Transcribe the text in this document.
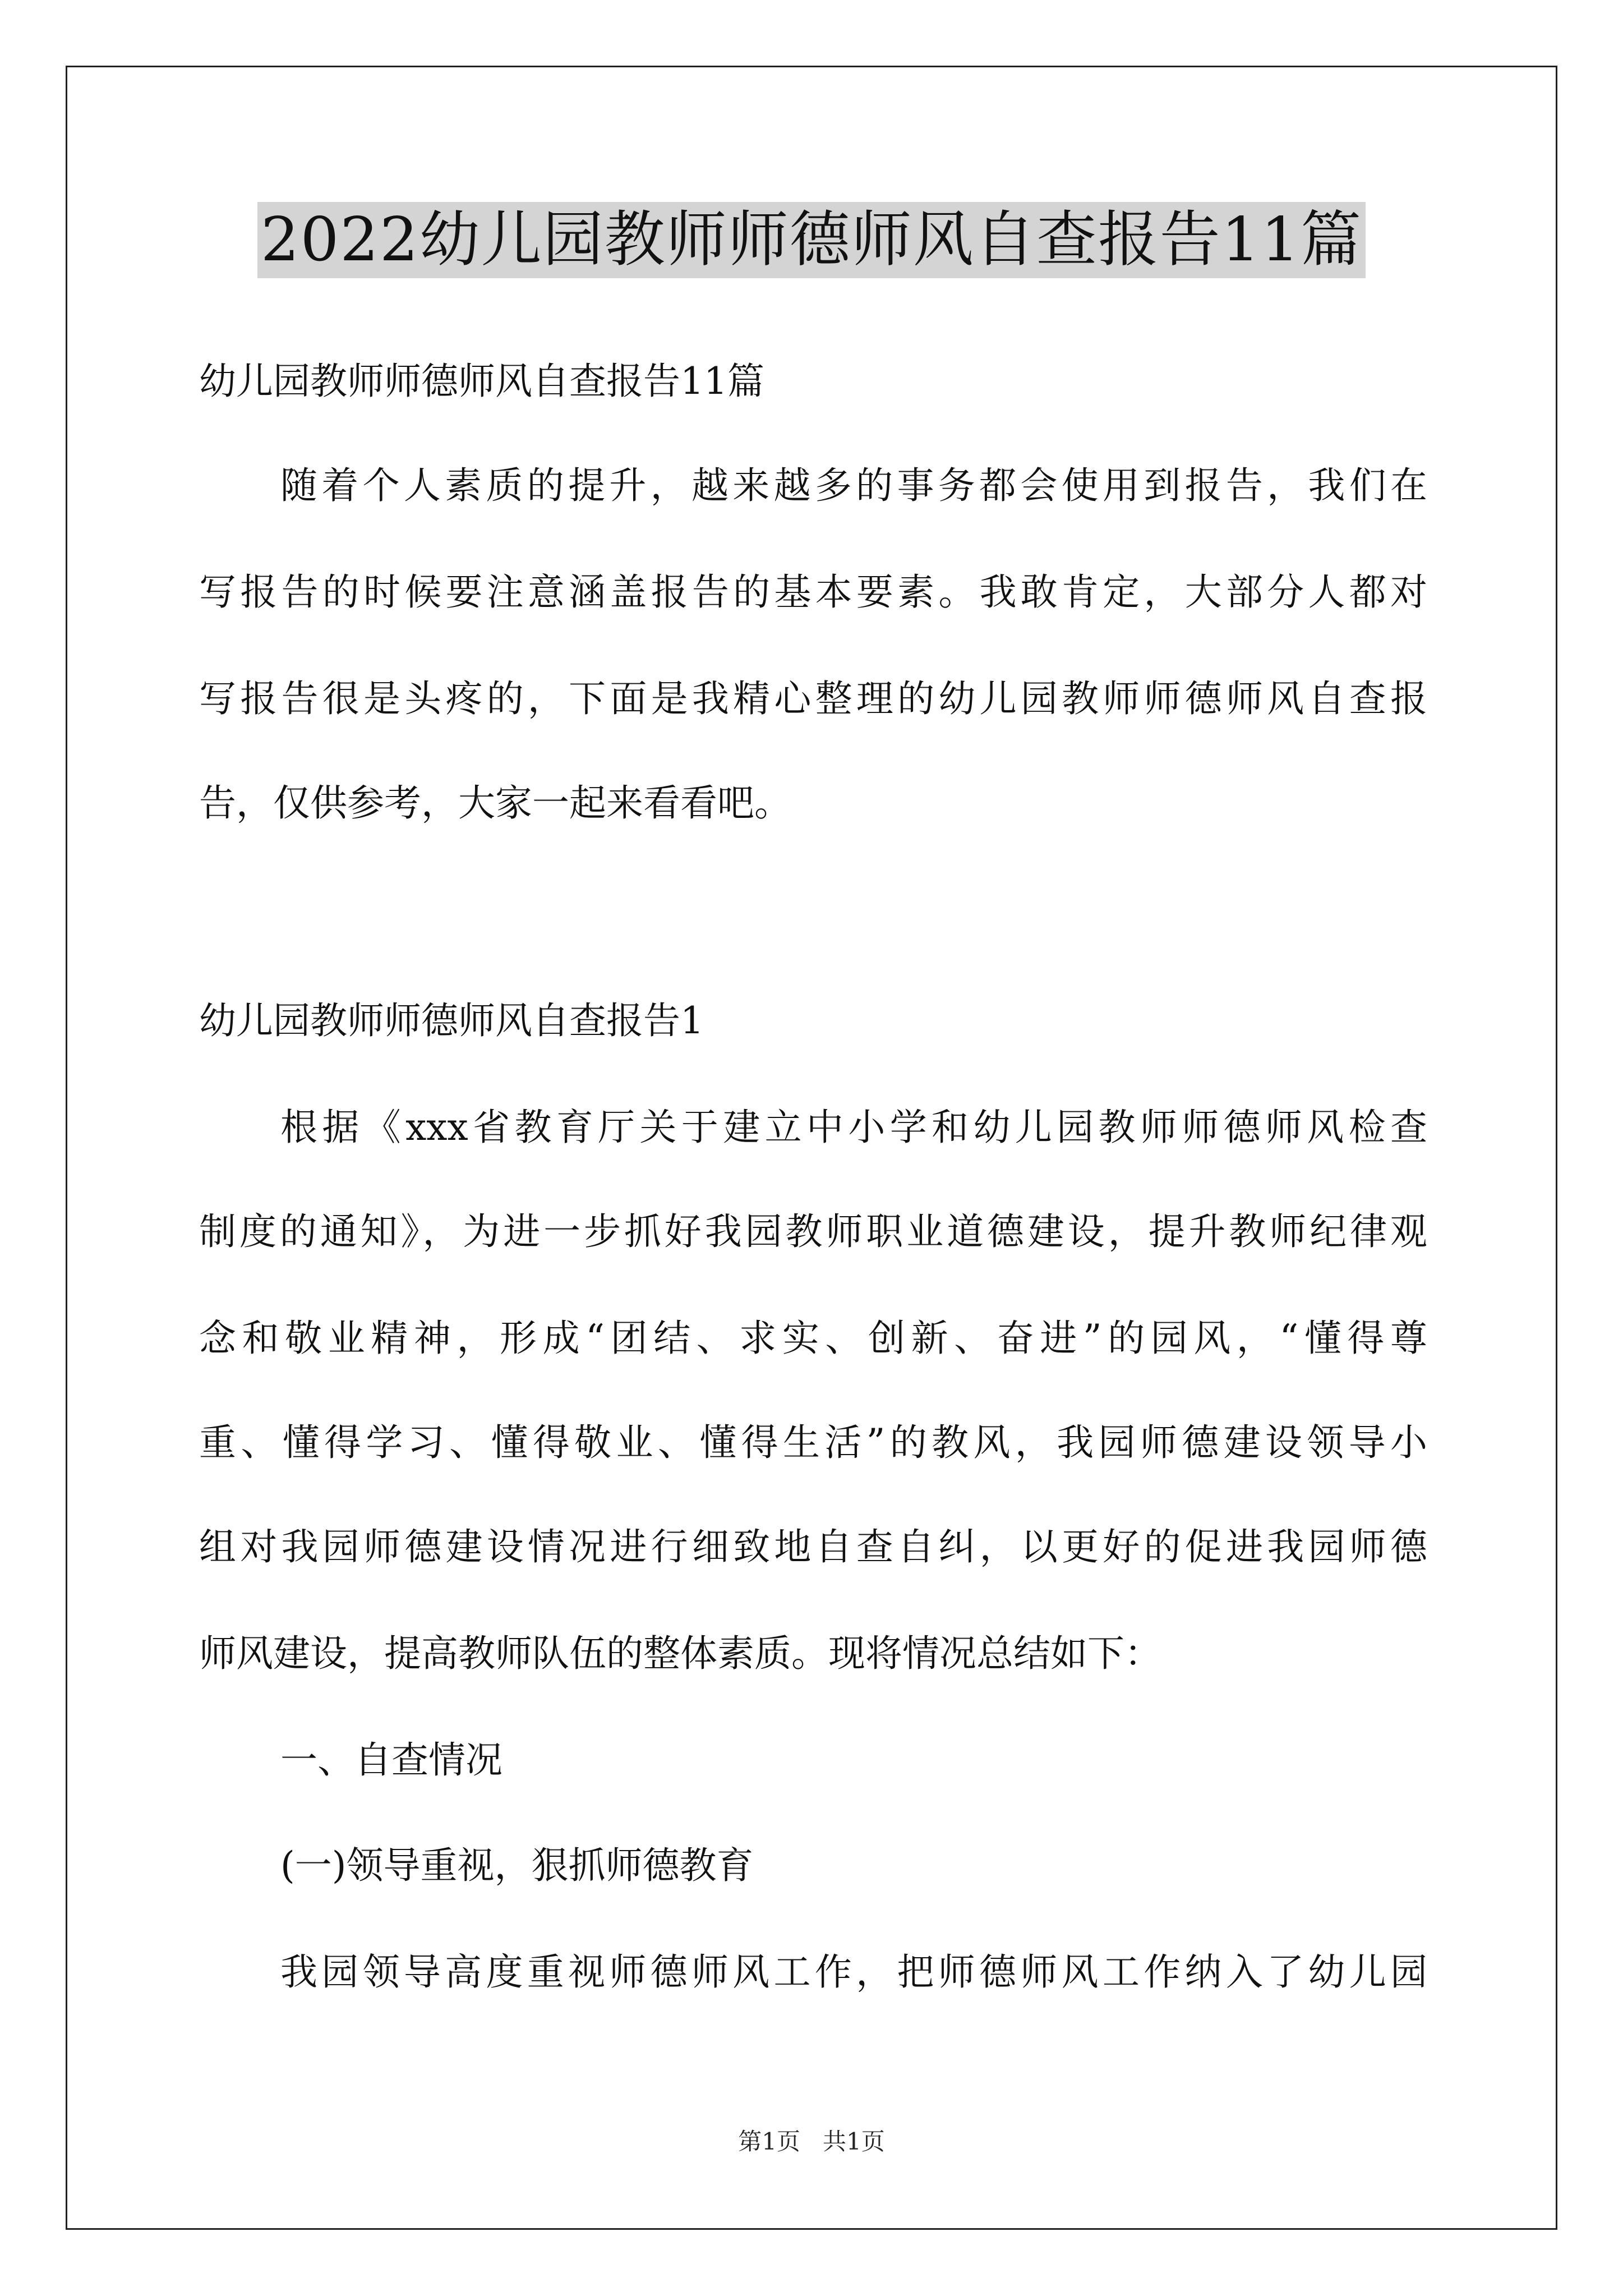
2022幼儿园教师师德师风自查报告11篇
幼儿园教师师德师风自查报告11篇
随着个人素质的提升，越来越多的事务都会使用到报告，我们在
写报告的时候要注意涵盖报告的基本要素。我敢肯定，大部分人都对
写报告很是头疼的，下面是我精心整理的幼儿园教师师德师风自查报
告，仅供参考，大家一起来看看吧。
幼儿园教师师德师风自查报告1
根据《xxx省教育厅关于建立中小学和幼儿园教师师德师风检查
制度的通知》，为进一步抓好我园教师职业道德建设，提升教师纪律观
念和敬业精神，形成“团结、求实、创新、奋进”的园风，“懂得尊
重、懂得学习、懂得敬业、懂得生活”的教风，我园师德建设领导小
组对我园师德建设情况进行细致地自查自纠，以更好的促进我园师德
师风建设，提高教师队伍的整体素质。现将情况总结如下：
一、自查情况
(一)领导重视，狠抓师德教育
我园领导高度重视师德师风工作，把师德师风工作纳入了幼儿园
第1页   共1页
